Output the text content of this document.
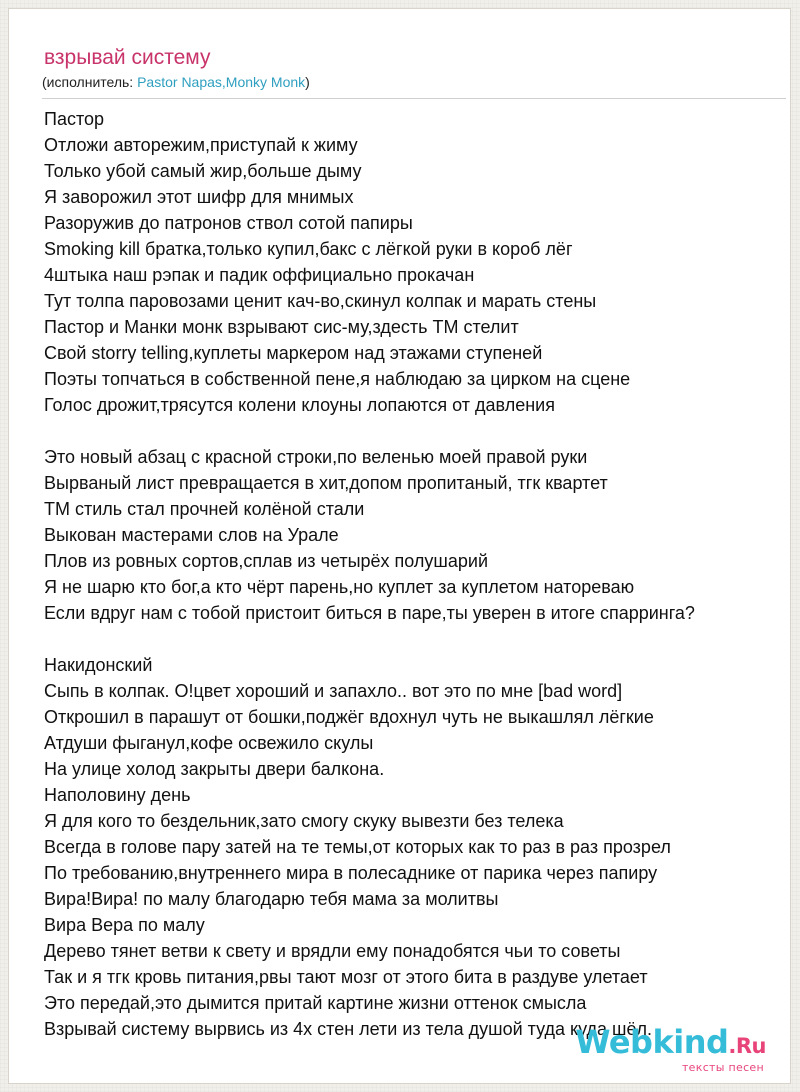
взрывай систему
(исполнитель: Pastor Napas,Monky Monk)
Пастор
Отложи авторежим,приступай к жиму
Только убой самый жир,больше дыму
Я заворожил этот шифр для мнимых
Разоружив до патронов ствол сотой папиры
Smoking kill братка,только купил,бакс с лёгкой руки в короб лёг
4штыка наш рэпак и падик оффициально прокачан
Тут толпа паровозами ценит кач-во,скинул колпак и марать стены
Пастор и Манки монк взрывают сис-му,здесть ТМ стелит
Свой storry telling,куплеты маркером над этажами ступеней
Поэты топчаться в собственной пене,я наблюдаю за цирком на сцене
Голос дрожит,трясутся колени клоуны лопаются от давления
Это новый абзац с красной строки,по веленью моей правой руки
Вырваный лист превращается в хит,допом пропитаный, тгк квартет
ТМ стиль стал прочней колёной стали
Выкован мастерами слов на Урале
Плов из ровных сортов,сплав из четырёх полушарий
Я не шарю кто бог,а кто чёрт парень,но куплет за куплетом натореваю
Если вдруг нам с тобой пристоит биться в паре,ты уверен в итоге спарринга?
Накидонский
Сыпь в колпак. О!цвет хороший и запахло.. вот это по мне [bad word]
Открошил в парашут от бошки,поджёг вдохнул чуть не выкашлял лёгкие
Атдуши фыганул,кофе освежило скулы
На улице холод закрыты двери балкона.
Наполовину день
Я для кого то бездельник,зато смогу скуку вывезти без телека
Всегда в голове пару затей на те темы,от которых как то раз в раз прозрел
По требованию,внутреннего мира в полесаднике от парика через папиру
Вира!Вира! по малу благодарю тебя мама за молитвы
Вира Вера по малу
Дерево тянет ветви к свету и врядли ему понадобятся чьи то советы
Так и я тгк кровь питания,рвы тают мозг от этого бита в раздуве улетает
Это передай,это дымится притай картине жизни оттенок смысла
Взрывай систему вырвись из 4х стен лети из тела душой туда куда шёл.
Webkind.Ru
тексты песен
